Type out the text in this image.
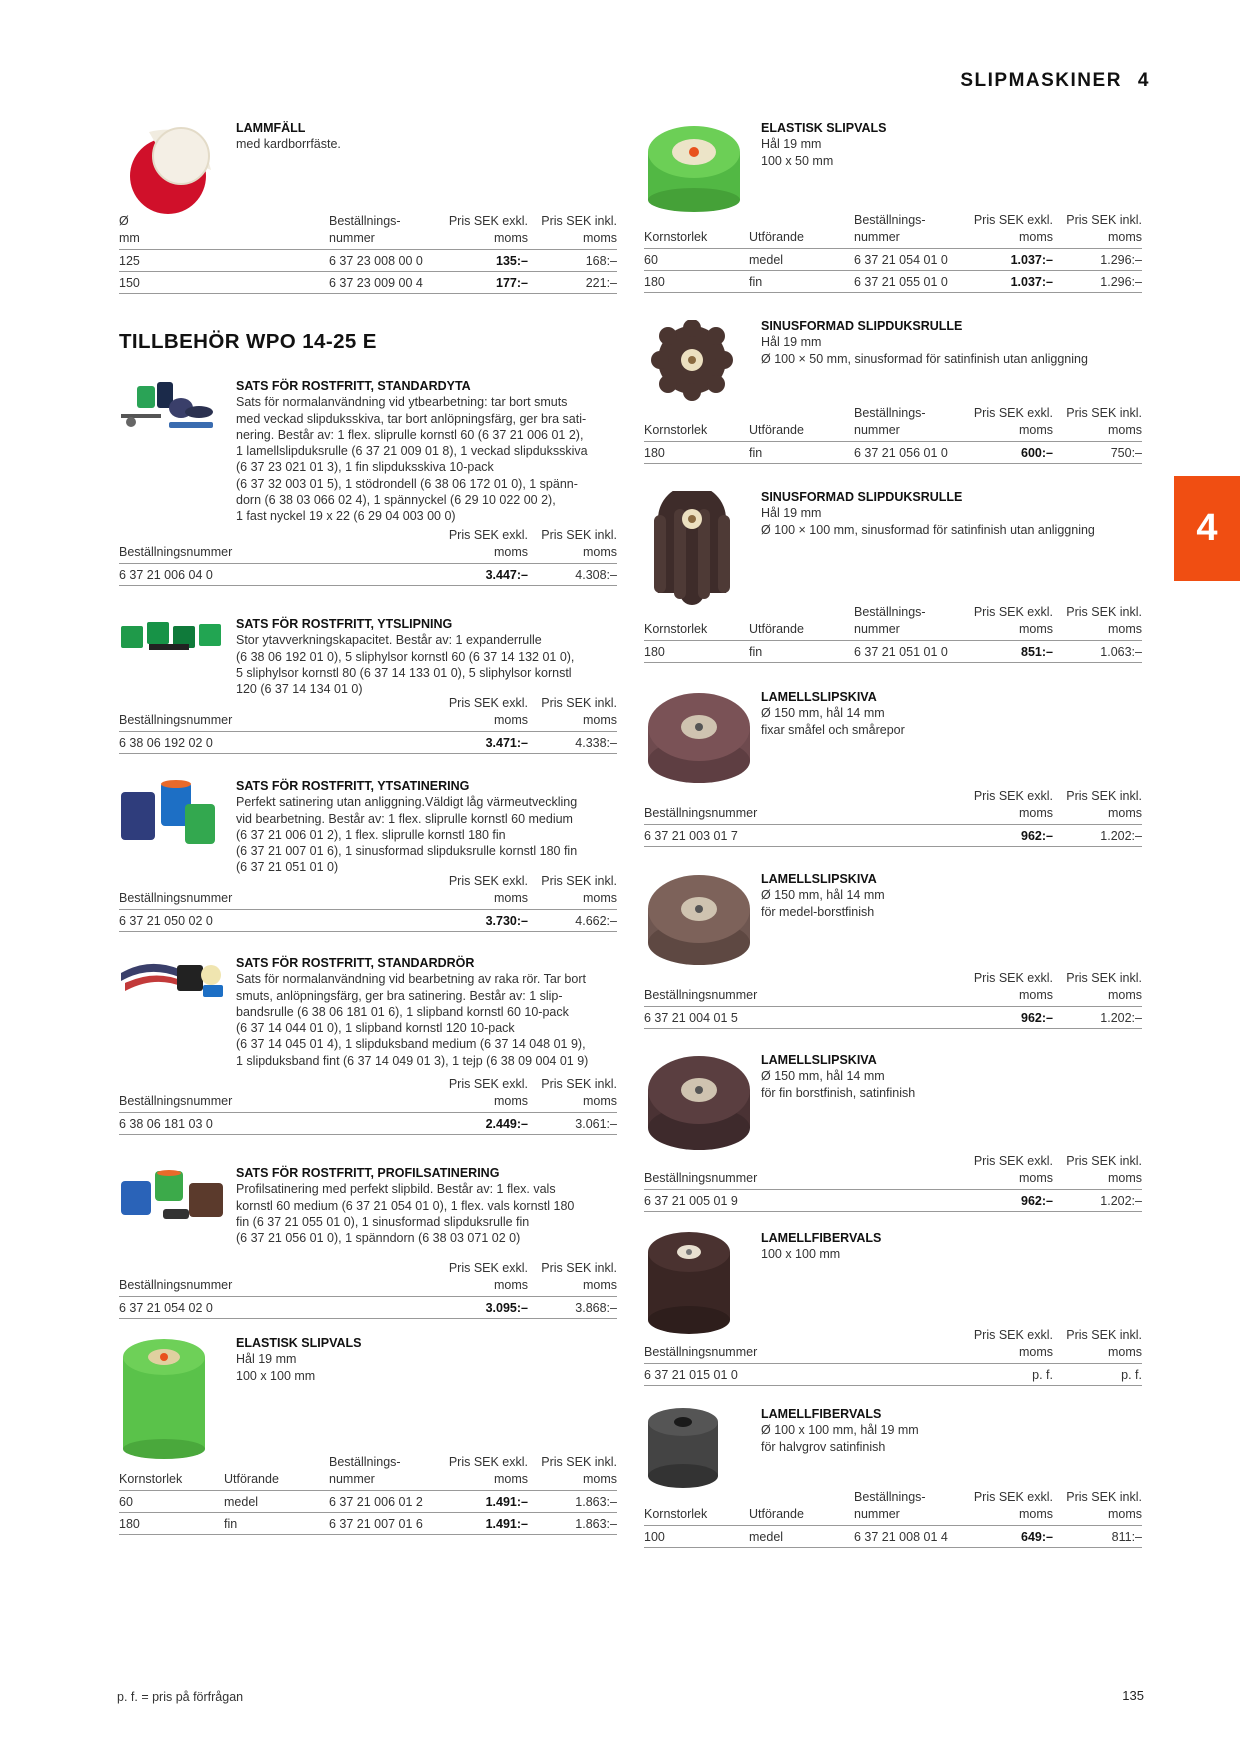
SLIPMASKINER 4
4
LAMMFÄLL
med kardborrfäste.
Ø
mm
Beställnings-
nummer
Pris SEK exkl.
moms
Pris SEK inkl.
moms
125	6 37 23 008 00 0	135:–	168:–
150	6 37 23 009 00 4	177:–	221:–
TILLBEHÖR WPO 14-25 E
SATS FÖR ROSTFRITT, STANDARDYTA
Sats för normalanvändning vid ytbearbetning: tar bort smuts
med veckad slipduksskiva, tar bort anlöpningsfärg, ger bra sati-
nering. Består av: 1 flex. sliprulle kornstl 60 (6 37 21 006 01 2),
1 lamellslipduksrulle (6 37 21 009 01 8), 1 veckad slipduksskiva
(6 37 23 021 01 3), 1 fin slipduksskiva 10-pack
(6 37 32 003 01 5), 1 stödrondell (6 38 06 172 01 0), 1 spänn-
dorn (6 38 03 066 02 4), 1 spännyckel (6 29 10 022 00 2),
1 fast nyckel 19 x 22 (6 29 04 003 00 0)
Beställningsnummer
Pris SEK exkl.
moms
Pris SEK inkl.
moms
6 37 21 006 04 0	3.447:–	4.308:–
SATS FÖR ROSTFRITT, YTSLIPNING
Stor ytavverkningskapacitet. Består av: 1 expanderrulle
(6 38 06 192 01 0), 5 sliphylsor kornstl 60 (6 37 14 132 01 0),
5 sliphylsor kornstl 80 (6 37 14 133 01 0), 5 sliphylsor kornstl
120 (6 37 14 134 01 0)
Beställningsnummer
Pris SEK exkl.
moms
Pris SEK inkl.
moms
6 38 06 192 02 0	3.471:–	4.338:–
SATS FÖR ROSTFRITT, YTSATINERING
Perfekt satinering utan anliggning.Väldigt låg värmeutveckling
vid bearbetning. Består av: 1 flex. sliprulle kornstl 60 medium
(6 37 21 006 01 2), 1 flex. sliprulle kornstl 180 fin
(6 37 21 007 01 6), 1 sinusformad slipduksrulle kornstl 180 fin
(6 37 21 051 01 0)
Beställningsnummer
Pris SEK exkl.
moms
Pris SEK inkl.
moms
6 37 21 050 02 0	3.730:–	4.662:–
SATS FÖR ROSTFRITT, STANDARDRÖR
Sats för normalanvändning vid bearbetning av raka rör. Tar bort
smuts, anlöpningsfärg, ger bra satinering. Består av: 1 slip-
bandsrulle (6 38 06 181 01 6), 1 slipband kornstl 60 10-pack
(6 37 14 044 01 0), 1 slipband kornstl 120 10-pack
(6 37 14 045 01 4), 1 slipduksband medium (6 37 14 048 01 9),
1 slipduksband fint (6 37 14 049 01 3), 1 tejp (6 38 09 004 01 9)
Beställningsnummer
Pris SEK exkl.
moms
Pris SEK inkl.
moms
6 38 06 181 03 0	2.449:–	3.061:–
SATS FÖR ROSTFRITT, PROFILSATINERING
Profilsatinering med perfekt slipbild. Består av: 1 flex. vals
kornstl 60 medium (6 37 21 054 01 0), 1 flex. vals kornstl 180
fin (6 37 21 055 01 0), 1 sinusformad slipduksrulle fin
(6 37 21 056 01 0), 1 spänndorn (6 38 03 071 02 0)
Beställningsnummer
Pris SEK exkl.
moms
Pris SEK inkl.
moms
6 37 21 054 02 0	3.095:–	3.868:–
ELASTISK SLIPVALS
Hål 19 mm
100 x 100 mm
Kornstorlek	Utförande
Beställnings-
nummer
Pris SEK exkl.
moms
Pris SEK inkl.
moms
60	medel	6 37 21 006 01 2	1.491:–	1.863:–
180	fin	6 37 21 007 01 6	1.491:–	1.863:–
ELASTISK SLIPVALS
Hål 19 mm
100 x 50 mm
Kornstorlek	Utförande
Beställnings-
nummer
Pris SEK exkl.
moms
Pris SEK inkl.
moms
60	medel	6 37 21 054 01 0	1.037:–	1.296:–
180	fin	6 37 21 055 01 0	1.037:–	1.296:–
SINUSFORMAD SLIPDUKSRULLE
Hål 19 mm
Ø 100 × 50 mm, sinusformad för satinfinish utan anliggning
Kornstorlek	Utförande
Beställnings-
nummer
Pris SEK exkl.
moms
Pris SEK inkl.
moms
180	fin	6 37 21 056 01 0	600:–	750:–
SINUSFORMAD SLIPDUKSRULLE
Hål 19 mm
Ø 100 × 100 mm, sinusformad för satinfinish utan anliggning
Kornstorlek	Utförande
Beställnings-
nummer
Pris SEK exkl.
moms
Pris SEK inkl.
moms
180	fin	6 37 21 051 01 0	851:–	1.063:–
LAMELLSLIPSKIVA
Ø 150 mm, hål 14 mm
fixar småfel och smårepor
Beställningsnummer
Pris SEK exkl.
moms
Pris SEK inkl.
moms
6 37 21 003 01 7	962:–	1.202:–
LAMELLSLIPSKIVA
Ø 150 mm, hål 14 mm
för medel-borstfinish
Beställningsnummer
Pris SEK exkl.
moms
Pris SEK inkl.
moms
6 37 21 004 01 5	962:–	1.202:–
LAMELLSLIPSKIVA
Ø 150 mm, hål 14 mm
för fin borstfinish, satinfinish
Beställningsnummer
Pris SEK exkl.
moms
Pris SEK inkl.
moms
6 37 21 005 01 9	962:–	1.202:–
LAMELLFIBERVALS
100 x 100 mm
Beställningsnummer
Pris SEK exkl.
moms
Pris SEK inkl.
moms
6 37 21 015 01 0	p. f.	p. f.
LAMELLFIBERVALS
Ø 100 x 100 mm, hål 19 mm
för halvgrov satinfinish
Kornstorlek	Utförande
Beställnings-
nummer
Pris SEK exkl.
moms
Pris SEK inkl.
moms
100	medel	6 37 21 008 01 4	649:–	811:–
p. f. = pris på förfrågan	135
